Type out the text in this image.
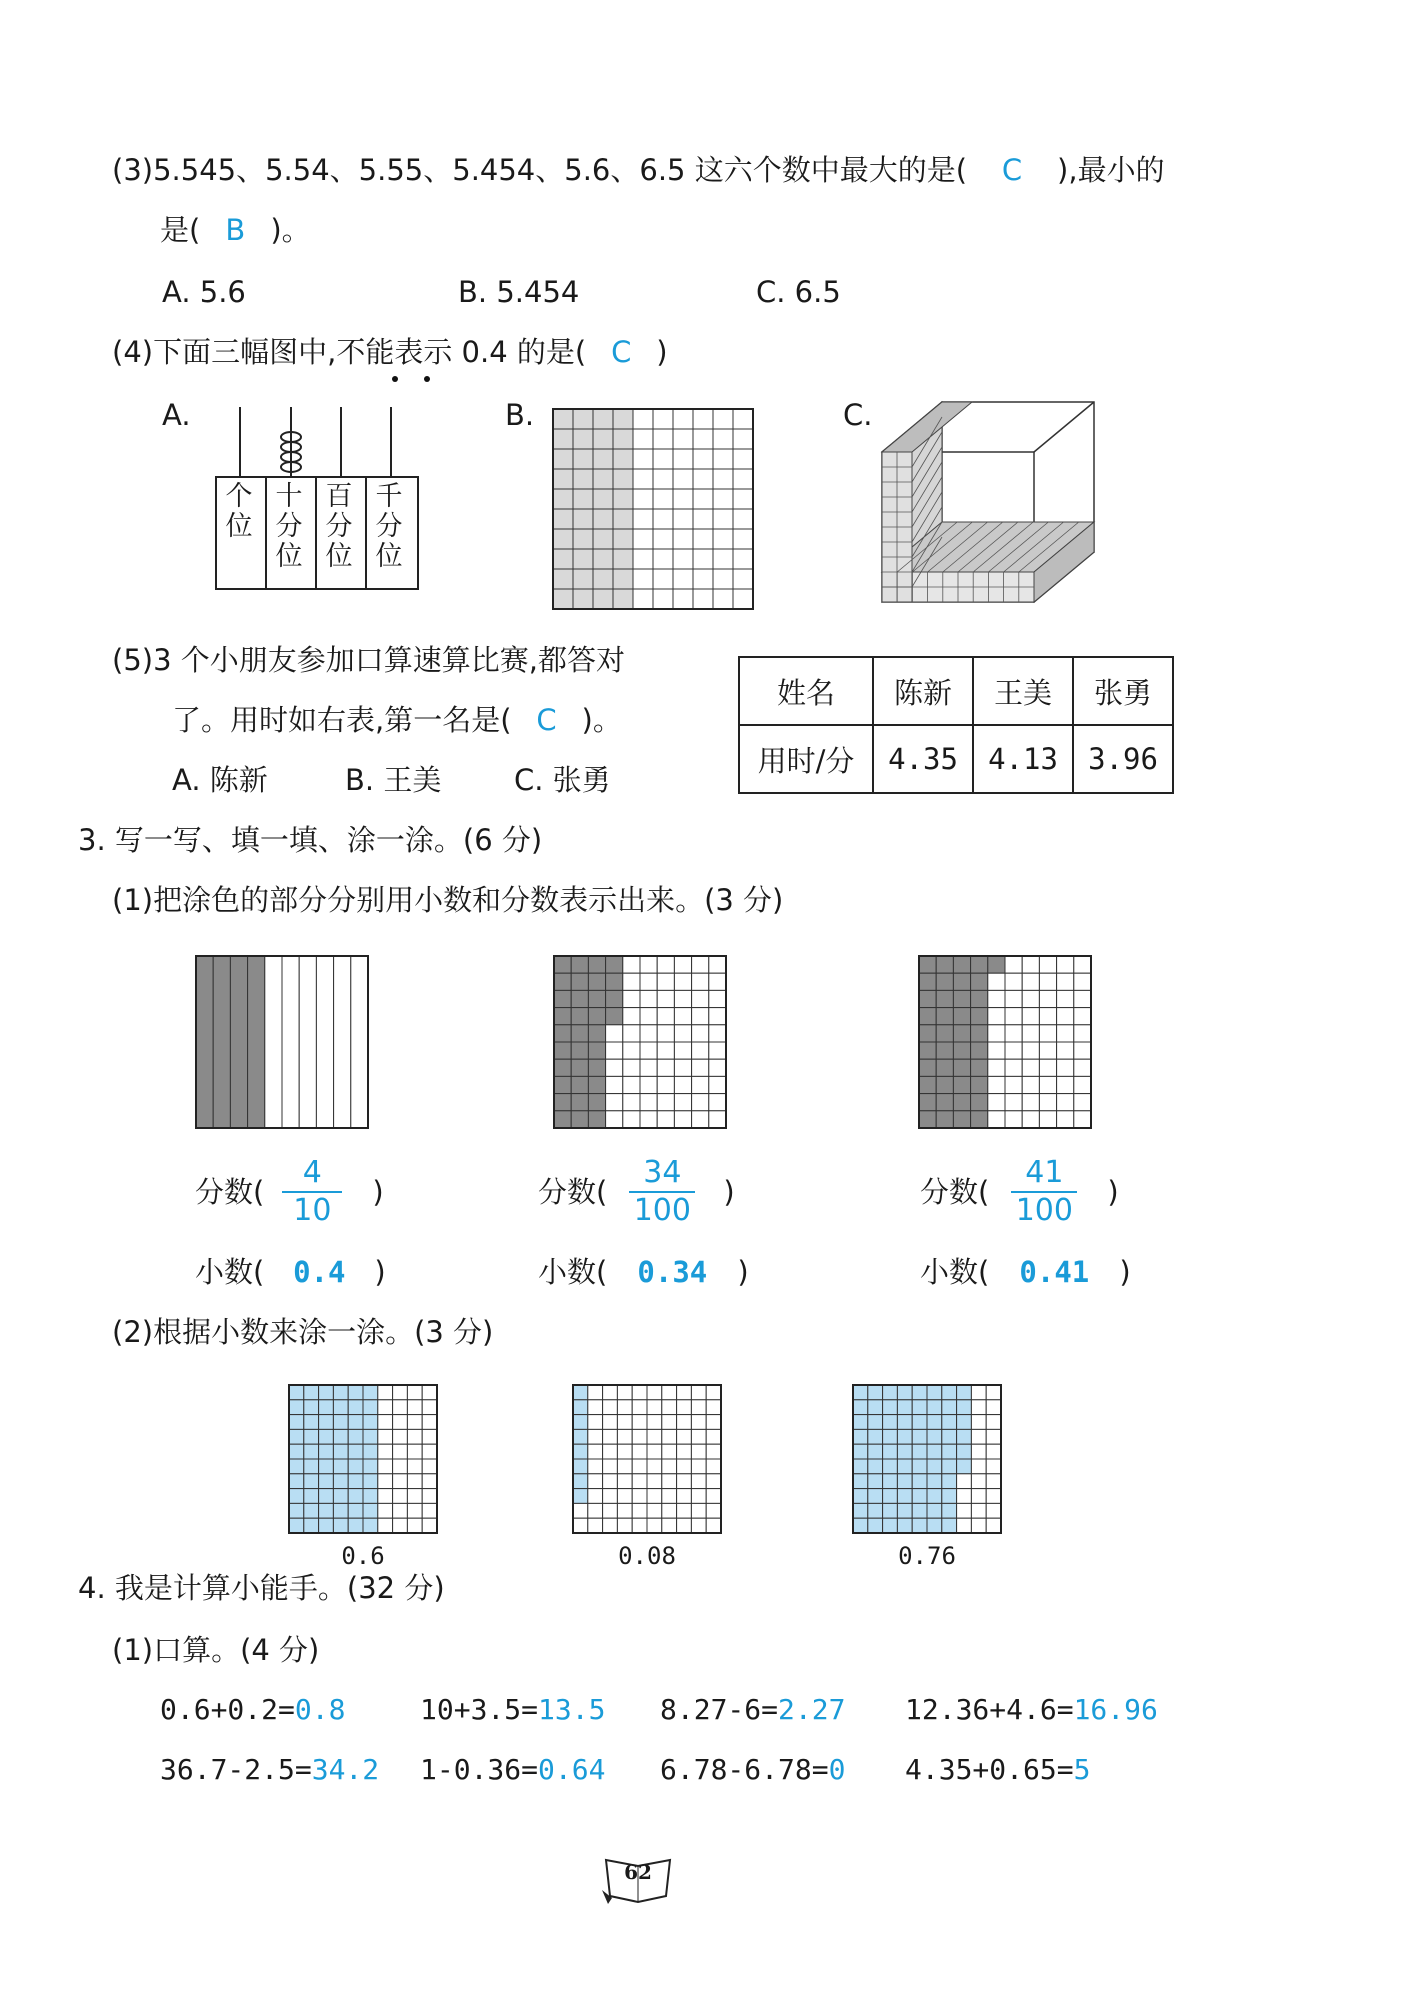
(3)5.545、5.54、5.55、5.454、5.6、6.5 这六个数中最大的是( C ),最小的
是( B )。
A. 5.6	B. 5.454	C. 6.5
(4)下面三幅图中,不能表示 0.4 的是( C )
A.	B.	C.
个位
十分位
百分位
千分位
(5)3 个小朋友参加口算速算比赛,都答对
了。用时如右表,第一名是( C )。
A. 陈新	B. 王美	C. 张勇
姓名	陈新	王美	张勇
用时/分	4.35	4.13	3.96
3. 写一写、填一填、涂一涂。(6 分)
(1)把涂色的部分分别用小数和分数表示出来。(3 分)
分数( $\frac{4}{10}$ )	分数( $\frac{34}{100}$ )	分数( $\frac{41}{100}$ )
小数( 0.4 )	小数( 0.34 )	小数( 0.41 )
(2)根据小数来涂一涂。(3 分)
0.6	0.08	0.76
4. 我是计算小能手。(32 分)
(1)口算。(4 分)
0.6+0.2=0.8	10+3.5=13.5 8.27-6=2.27 12.36+4.6=16.96
36.7-2.5=34.2 1-0.36=0.64 6.78-6.78=0 4.35+0.65=5
62
